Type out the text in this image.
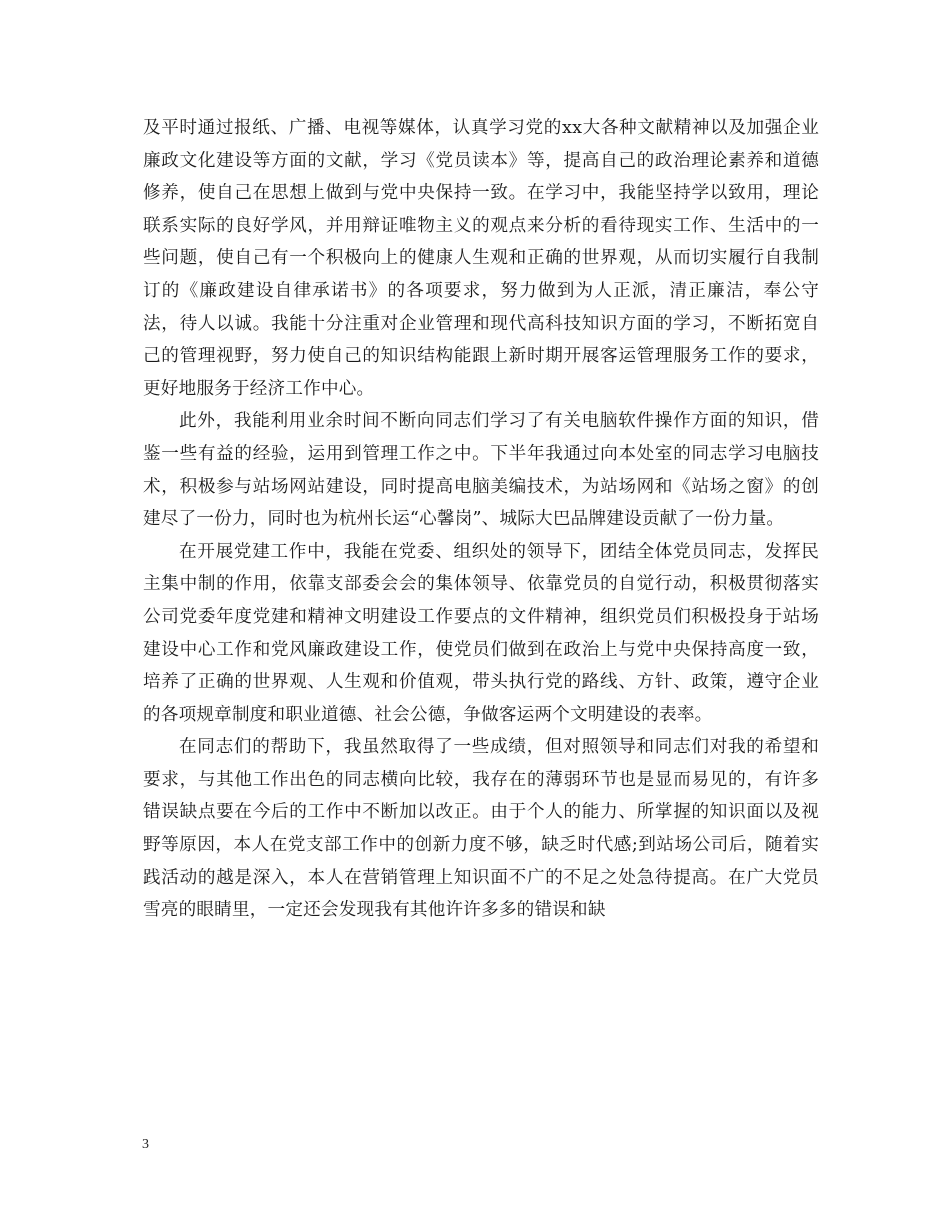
及平时通过报纸、广播、电视等媒体，认真学习党的xx大各种文献精神以及加强企业廉政文化建设等方面的文献，学习《党员读本》等，提高自己的政治理论素养和道德修养，使自己在思想上做到与党中央保持一致。在学习中，我能坚持学以致用，理论联系实际的良好学风，并用辩证唯物主义的观点来分析的看待现实工作、生活中的一些问题，使自己有一个积极向上的健康人生观和正确的世界观，从而切实履行自我制订的《廉政建设自律承诺书》的各项要求，努力做到为人正派，清正廉洁，奉公守法，待人以诚。我能十分注重对企业管理和现代高科技知识方面的学习，不断拓宽自己的管理视野，努力使自己的知识结构能跟上新时期开展客运管理服务工作的要求，更好地服务于经济工作中心。

此外，我能利用业余时间不断向同志们学习了有关电脑软件操作方面的知识，借鉴一些有益的经验，运用到管理工作之中。下半年我通过向本处室的同志学习电脑技术，积极参与站场网站建设，同时提高电脑美编技术，为站场网和《站场之窗》的创建尽了一份力，同时也为杭州长运“心馨岗”、城际大巴品牌建设贡献了一份力量。

在开展党建工作中，我能在党委、组织处的领导下，团结全体党员同志，发挥民主集中制的作用，依靠支部委会会的集体领导、依靠党员的自觉行动，积极贯彻落实公司党委年度党建和精神文明建设工作要点的文件精神，组织党员们积极投身于站场建设中心工作和党风廉政建设工作，使党员们做到在政治上与党中央保持高度一致，培养了正确的世界观、人生观和价值观，带头执行党的路线、方针、政策，遵守企业的各项规章制度和职业道德、社会公德，争做客运两个文明建设的表率。

在同志们的帮助下，我虽然取得了一些成绩，但对照领导和同志们对我的希望和要求，与其他工作出色的同志横向比较，我存在的薄弱环节也是显而易见的，有许多错误缺点要在今后的工作中不断加以改正。由于个人的能力、所掌握的知识面以及视野等原因，本人在党支部工作中的创新力度不够，缺乏时代感;到站场公司后，随着实践活动的越是深入，本人在营销管理上知识面不广的不足之处急待提高。在广大党员雪亮的眼睛里，一定还会发现我有其他许许多多的错误和缺

3
